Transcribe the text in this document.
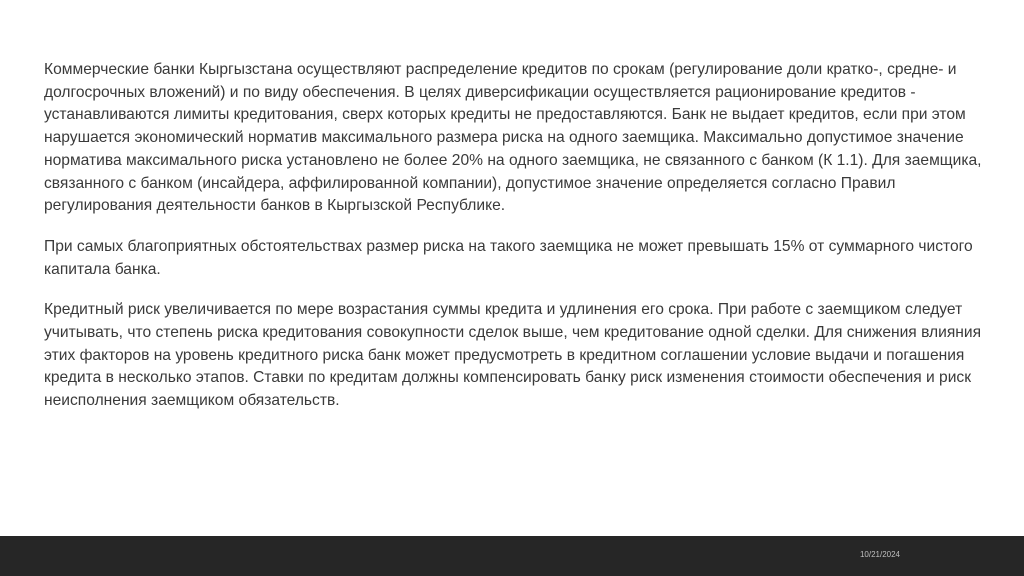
Коммерческие банки Кыргызстана осуществляют распределение кредитов по срокам (регулирование доли кратко-, средне- и долгосрочных вложений) и по виду обеспечения. В целях диверсификации осуществляется рационирование кредитов - устанавливаются лимиты кредитования, сверх которых кредиты не предоставляются. Банк не выдает кредитов, если при этом нарушается экономический норматив максимального размера риска на одного заемщика. Максимально допустимое значение норматива максимального риска установлено не более 20% на одного заемщика, не связанного с банком (К 1.1). Для заемщика, связанного с банком (инсайдера, аффилированной компании), допустимое значение определяется согласно Правил регулирования деятельности банков в Кыргызской Республике.

При самых благоприятных обстоятельствах размер риска на такого заемщика не может превышать 15% от суммарного чистого капитала банка.

Кредитный риск увеличивается по мере возрастания суммы кредита и удлинения его срока. При работе с заемщиком следует учитывать, что степень риска кредитования совокупности сделок выше, чем кредитование одной сделки. Для снижения влияния этих факторов на уровень кредитного риска банк может предусмотреть в кредитном соглашении условие выдачи и погашения кредита в несколько этапов. Ставки по кредитам должны компенсировать банку риск изменения стоимости обеспечения и риск неисполнения заемщиком обязательств.

10/21/2024
